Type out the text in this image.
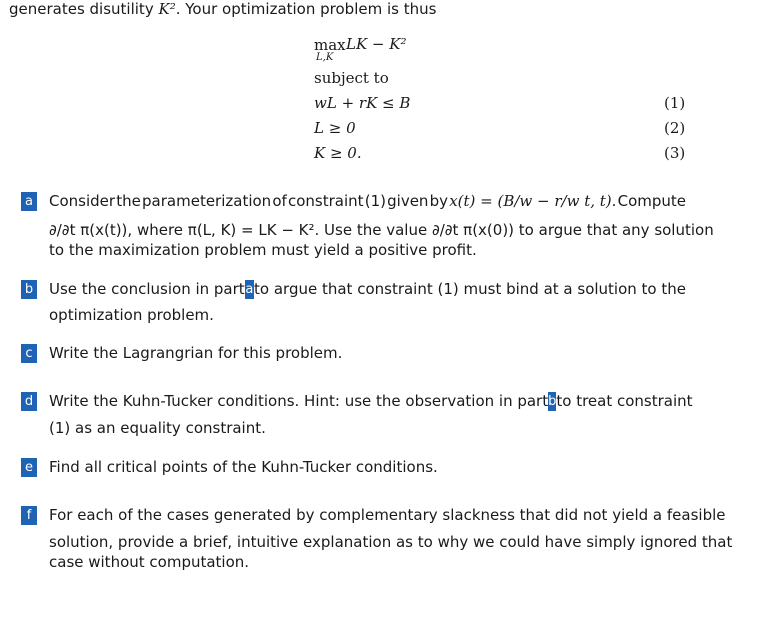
generates disutility K². Your optimization problem is thus
max LK − K²
L,K
subject to
wL + rK ≤ B	(1)
L ≥ 0	(2)
K ≥ 0.	(3)
a Consider the parameterization of constraint (1) given by x(t) = (B/w − r/w t, t). Compute
∂/∂t π(x(t)), where π(L, K) = LK − K². Use the value ∂/∂t π(x(0)) to argue that any solution
to the maximization problem must yield a positive profit.
b Use the conclusion in part a to argue that constraint (1) must bind at a solution to the
optimization problem.
c Write the Lagrangrian for this problem.
d Write the Kuhn-Tucker conditions. Hint: use the observation in part b to treat constraint
(1) as an equality constraint.
e Find all critical points of the Kuhn-Tucker conditions.
f	For each of the cases generated by complementary slackness that did not yield a feasible
solution, provide a brief, intuitive explanation as to why we could have simply ignored that
case without computation.
